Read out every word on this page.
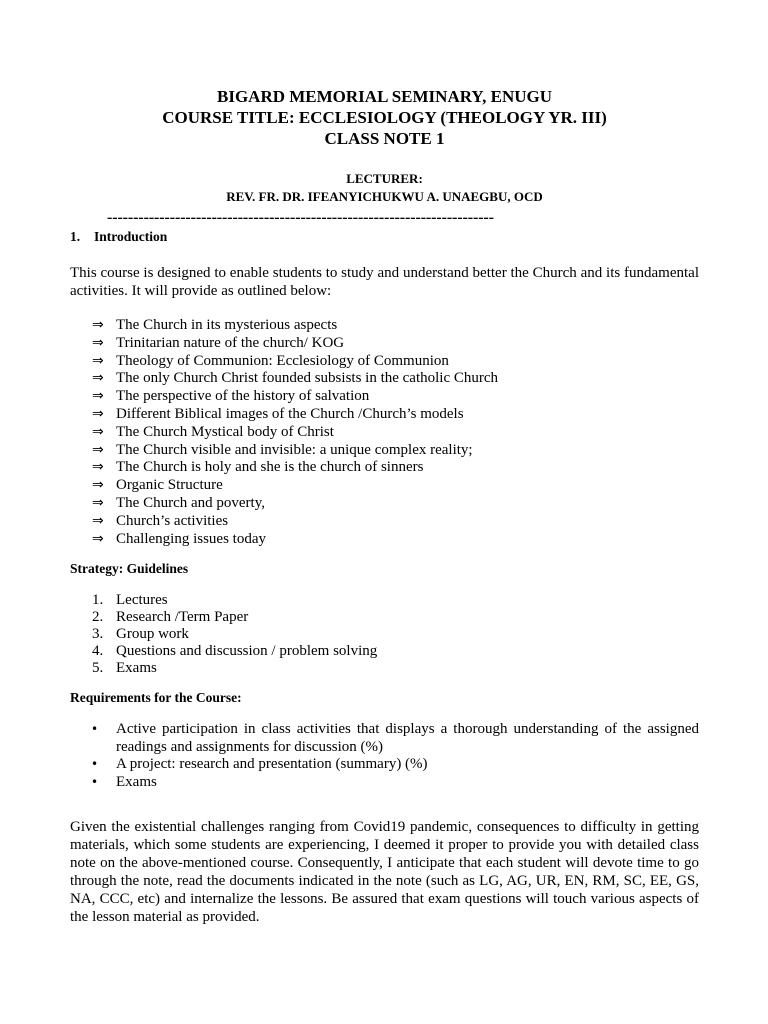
BIGARD MEMORIAL SEMINARY, ENUGU
COURSE TITLE: ECCLESIOLOGY (THEOLOGY YR. III)
CLASS NOTE 1
LECTURER:
REV. FR. DR. IFEANYICHUKWU A. UNAEGBU, OCD
--------------------------------------------------------------------------
1. Introduction

This course is designed to enable students to study and understand better the Church and its fundamental activities. It will provide as outlined below:

⇒ The Church in its mysterious aspects
⇒ Trinitarian nature of the church/ KOG
⇒ Theology of Communion: Ecclesiology of Communion
⇒ The only Church Christ founded subsists in the catholic Church
⇒ The perspective of the history of salvation
⇒ Different Biblical images of the Church /Church’s models
⇒ The Church Mystical body of Christ
⇒ The Church visible and invisible: a unique complex reality;
⇒ The Church is holy and she is the church of sinners
⇒ Organic Structure
⇒ The Church and poverty,
⇒ Church’s activities
⇒ Challenging issues today
Strategy: Guidelines
1. Lectures
2. Research /Term Paper
3. Group work
4. Questions and discussion / problem solving
5. Exams
Requirements for the Course:
• Active participation in class activities that displays a thorough understanding of the assigned readings and assignments for discussion (%)
• A project: research and presentation (summary) (%)
• Exams

Given the existential challenges ranging from Covid19 pandemic, consequences to difficulty in getting materials, which some students are experiencing, I deemed it proper to provide you with detailed class note on the above-mentioned course. Consequently, I anticipate that each student will devote time to go through the note, read the documents indicated in the note (such as LG, AG, UR, EN, RM, SC, EE, GS, NA, CCC, etc) and internalize the lessons. Be assured that exam questions will touch various aspects of the lesson material as provided.
